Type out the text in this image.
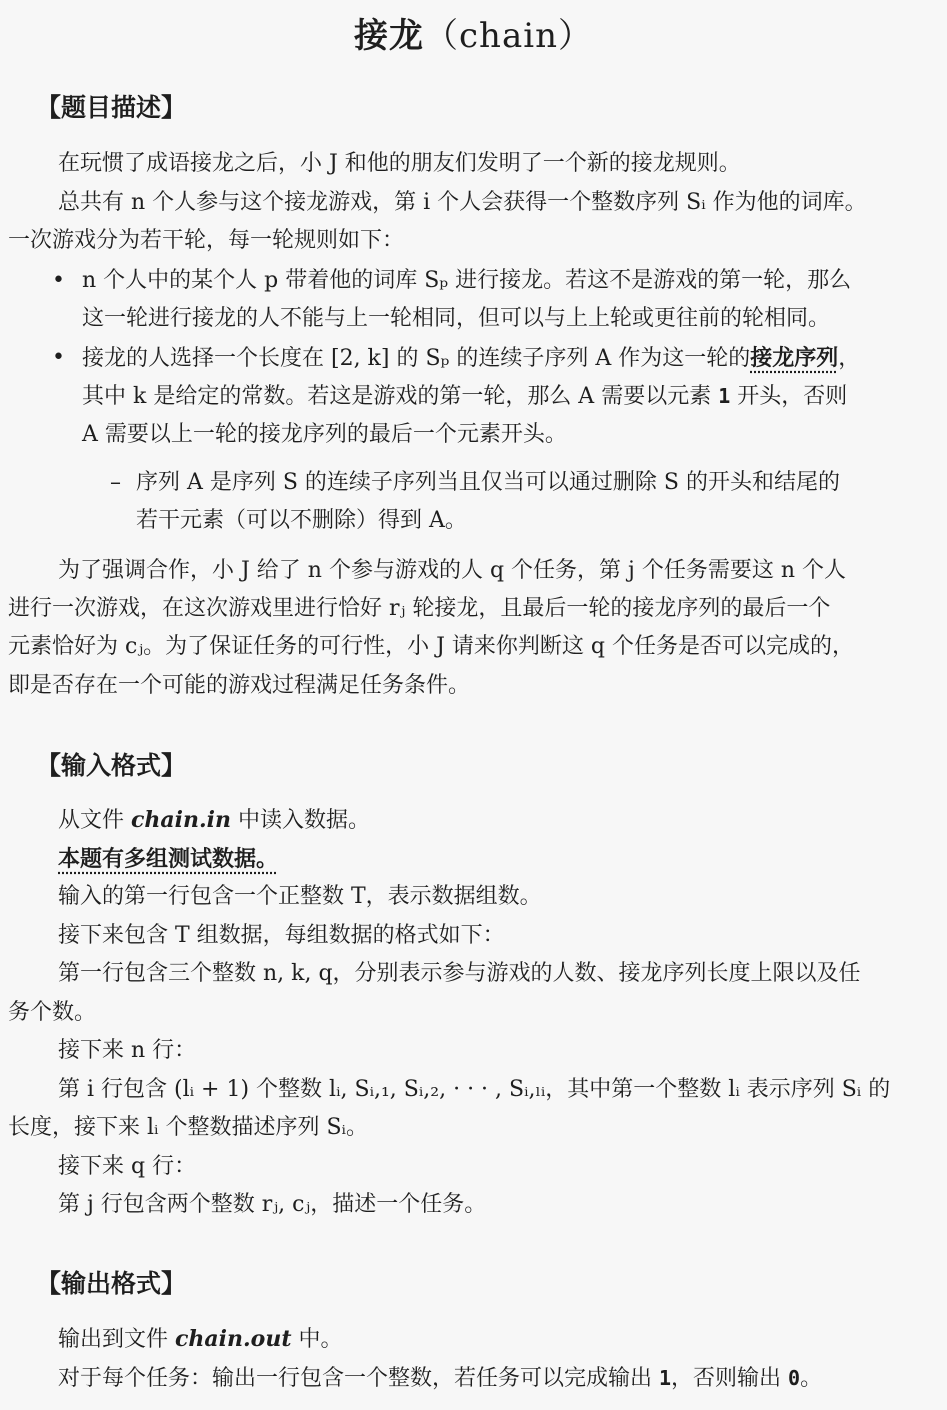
接龙（chain）
【题目描述】
在玩惯了成语接龙之后，小 J 和他的朋友们发明了一个新的接龙规则。
总共有 n 个人参与这个接龙游戏，第 i 个人会获得一个整数序列 Sᵢ 作为他的词库。
一次游戏分为若干轮，每一轮规则如下：
• n 个人中的某个人 p 带着他的词库 Sₚ 进行接龙。若这不是游戏的第一轮，那么
这一轮进行接龙的人不能与上一轮相同，但可以与上上轮或更往前的轮相同。
• 接龙的人选择一个长度在 [2, k] 的 Sₚ 的连续子序列 A 作为这一轮的接龙序列，
其中 k 是给定的常数。若这是游戏的第一轮，那么 A 需要以元素 1 开头，否则
A 需要以上一轮的接龙序列的最后一个元素开头。
– 序列 A 是序列 S 的连续子序列当且仅当可以通过删除 S 的开头和结尾的
若干元素（可以不删除）得到 A。
为了强调合作，小 J 给了 n 个参与游戏的人 q 个任务，第 j 个任务需要这 n 个人
进行一次游戏，在这次游戏里进行恰好 rⱼ 轮接龙，且最后一轮的接龙序列的最后一个
元素恰好为 cⱼ。为了保证任务的可行性，小 J 请来你判断这 q 个任务是否可以完成的，
即是否存在一个可能的游戏过程满足任务条件。
【输入格式】
从文件 chain.in 中读入数据。
本题有多组测试数据。
输入的第一行包含一个正整数 T，表示数据组数。
接下来包含 T 组数据，每组数据的格式如下：
第一行包含三个整数 n, k, q，分别表示参与游戏的人数、接龙序列长度上限以及任
务个数。
接下来 n 行：
第 i 行包含 (lᵢ + 1) 个整数 lᵢ, Sᵢ,₁, Sᵢ,₂, · · · , Sᵢ,ₗᵢ，其中第一个整数 lᵢ 表示序列 Sᵢ 的
长度，接下来 lᵢ 个整数描述序列 Sᵢ。
接下来 q 行：
第 j 行包含两个整数 rⱼ, cⱼ，描述一个任务。
【输出格式】
输出到文件 chain.out 中。
对于每个任务：输出一行包含一个整数，若任务可以完成输出 1，否则输出 0。
